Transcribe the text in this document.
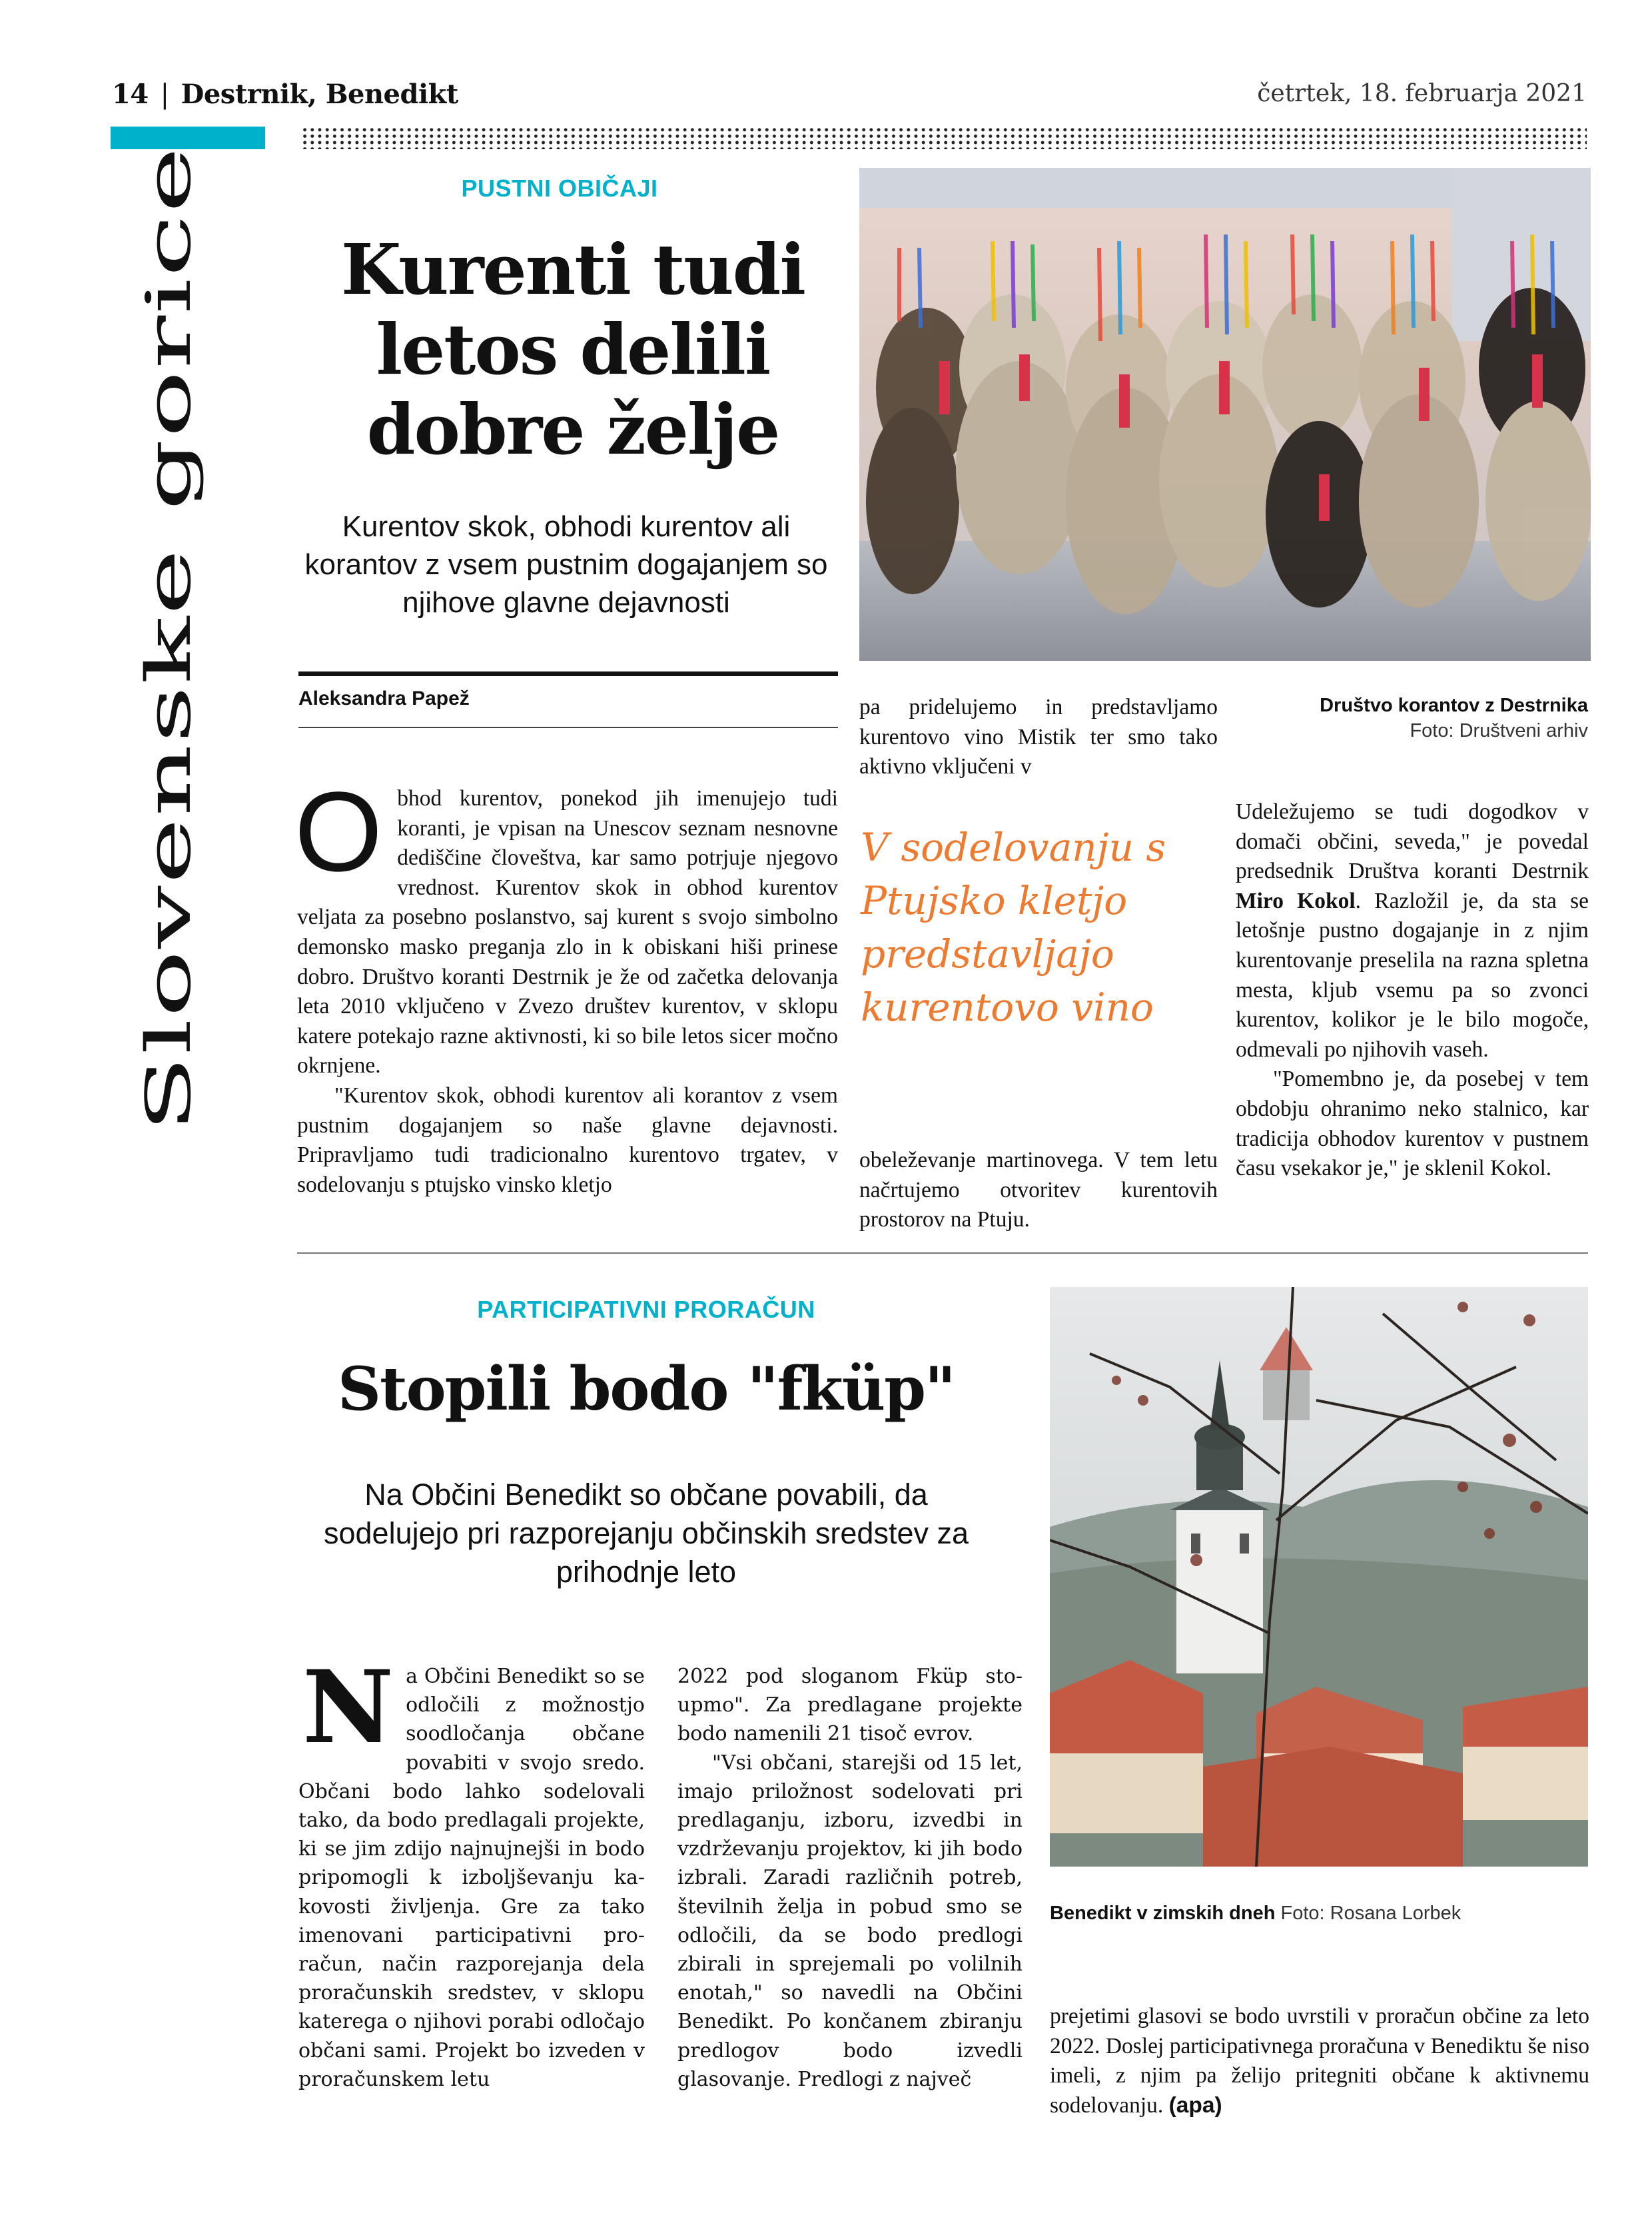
14 | Destrnik, Benedikt	četrtek, 18. februarja 2021
Slovenske gorice	PUSTNI OBIČAJI
Kurenti tudi letos delili dobre želje
Kurentov skok, obhodi kurentov ali korantov z vsem pustnim dogajanjem so njihove glavne dejavnosti
Aleksandra Papež

Obhod kurentov, ponekod jih imenujejo tudi koranti, je vpisan na Unescov seznam nesnovne dediščine človeštva, kar samo potrjuje njegovo vrednost. Kurentov skok in obhod kurentov veljata za posebno poslanstvo, saj kurent s svojo simbolno demonsko masko preganja zlo in k obiskani hiši prinese dobro. Društvo koranti Destrnik je že od začetka delovanja leta 2010 vključeno v Zvezo društev kurentov, v sklopu katere potekajo razne aktivnosti, ki so bile letos sicer močno okrnjene.

"Kurentov skok, obhodi kurentov ali korantov z vsem pustnim dogajanjem so naše glavne dejavnosti. Pripravljamo tudi tradicionalno kurentovo trgatev, v sodelovanju s ptujsko vinsko kletjo

pa pridelujemo in predstavljamo kurentovo vino Mistik ter smo tako aktivno vključeni v

V sodelovanju s Ptujsko kletjo predstavljajo kurentovo vino

obeleževanje martinovega. V tem letu načrtujemo otvoritev kurentovih prostorov na Ptuju.

Društvo korantov z Destrnika
Foto: Društveni arhiv

Udeležujemo se tudi dogodkov v domači občini, seveda," je povedal predsednik Društva koranti Destrnik Miro Kokol. Razložil je, da sta se letošnje pustno dogajanje in z njim kurentovanje preselila na razna spletna mesta, kljub vsemu pa so zvonci kurentov, kolikor je le bilo mogoče, odmevali po njihovih vaseh.

"Pomembno je, da posebej v tem obdobju ohranimo neko stalnico, kar tradicija obhodov kurentov v pustnem času vsekakor je," je sklenil Kokol.

PARTICIPATIVNI PRORAČUN
Stopili bodo "fküp"
Na Občini Benedikt so občane povabili, da sodelujejo pri razporejanju občinskih sredstev za prihodnje leto

Na Občini Benedikt so se odločili z možnostjo soodločanja občane povabiti v svojo sredo. Občani bodo lahko sodelovali tako, da bodo predlagali projekte, ki se jim zdijo najnujnejši in bodo pripomogli k izboljševanju kakovosti življenja. Gre za tako imenovani participativni proračun, način razporejanja dela proračunskih sredstev, v sklopu katerega o njihovi porabi odločajo občani sami. Projekt bo izveden v proračunskem letu

2022 pod sloganom Fküp stoupmo". Za predlagane projekte bodo namenili 21 tisoč evrov.

"Vsi občani, starejši od 15 let, imajo priložnost sodelovati pri predlaganju, izboru, izvedbi in vzdrževanju projektov, ki jih bodo izbrali. Zaradi različnih potreb, številnih želja in pobud smo se odločili, da se bodo predlogi zbirali in sprejemali po volilnih enotah," so navedli na Občini Benedikt. Po končanem zbiranju predlogov bodo izvedli glasovanje. Predlogi z največ

Benedikt v zimskih dneh Foto: Rosana Lorbek

prejetimi glasovi se bodo uvrstili v proračun občine za leto 2022. Doslej participativnega proračuna v Benediktu še niso imeli, z njim pa želijo pritegniti občane k aktivnemu sodelovanju. (apa)
